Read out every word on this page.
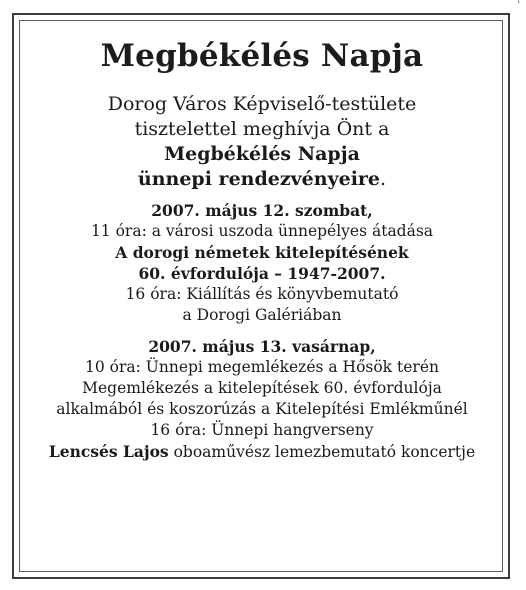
'
Megbékélés Napja
Dorog Város Képviselő-testülete
tisztelettel meghívja Önt a
Megbékélés Napja
ünnepi rendezvényeire.
2007. május 12. szombat,
11 óra: a városi uszoda ünnepélyes átadása
A dorogi németek kitelepítésének
60. évfordulója – 1947-2007.
16 óra: Kiállítás és könyvbemutató
a Dorogi Galériában
2007. május 13. vasárnap,
10 óra: Ünnepi megemlékezés a Hősök terén
Megemlékezés a kitelepítések 60. évfordulója
alkalmából és koszorúzás a Kitelepítési Emlékműnél
16 óra: Ünnepi hangverseny
Lencsés Lajos oboaművész lemezbemutató koncertje
